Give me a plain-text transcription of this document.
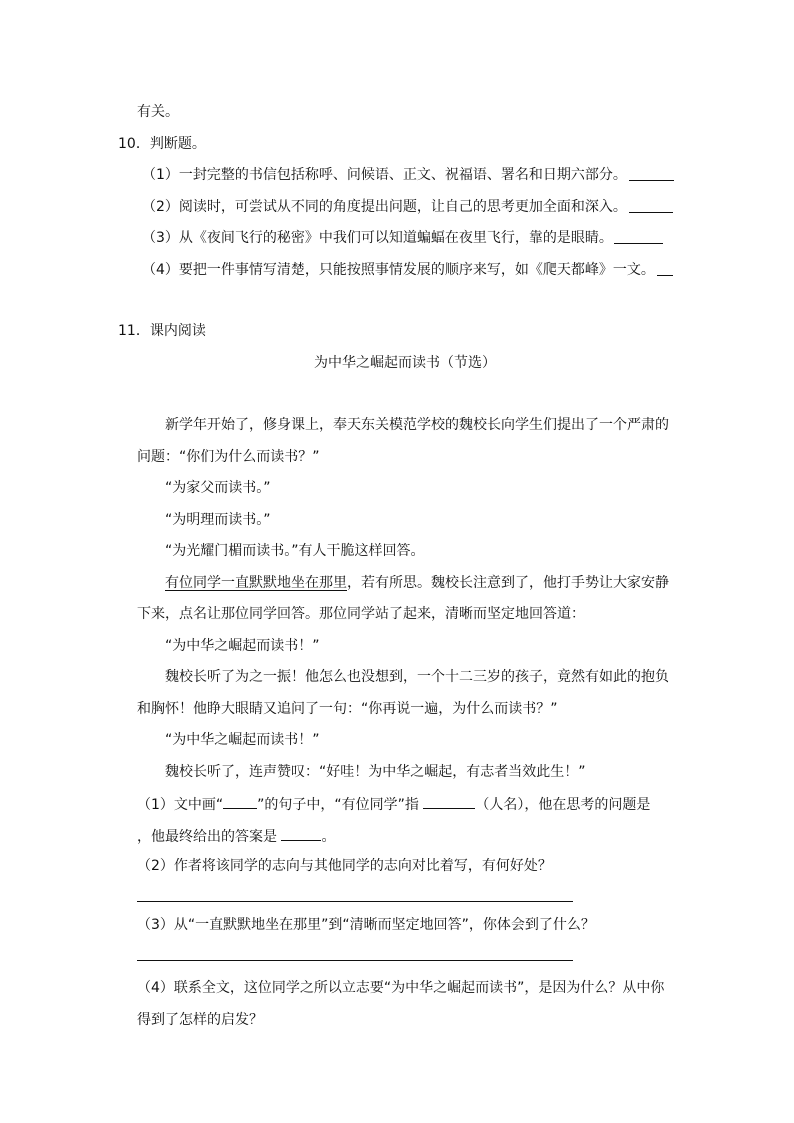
有关。
10．判断题。
（1）一封完整的书信包括称呼、问候语、正文、祝福语、署名和日期六部分。
（2）阅读时，可尝试从不同的角度提出问题，让自己的思考更加全面和深入。
（3）从《夜间飞行的秘密》中我们可以知道蝙蝠在夜里飞行，靠的是眼睛。
（4）要把一件事情写清楚，只能按照事情发展的顺序来写，如《爬天都峰》一文。
11．课内阅读
为中华之崛起而读书（节选）
新学年开始了，修身课上，奉天东关模范学校的魏校长向学生们提出了一个严肃的
问题：“你们为什么而读书？”
“为家父而读书。”
“为明理而读书。”
“为光耀门楣而读书。”有人干脆这样回答。
有位同学一直默默地坐在那里，若有所思。魏校长注意到了，他打手势让大家安静
下来，点名让那位同学回答。那位同学站了起来，清晰而坚定地回答道：
“为中华之崛起而读书！”
魏校长听了为之一振！他怎么也没想到，一个十二三岁的孩子，竟然有如此的抱负
和胸怀！他睁大眼睛又追问了一句：“你再说一遍，为什么而读书？”
“为中华之崛起而读书！”
魏校长听了，连声赞叹：“好哇！为中华之崛起，有志者当效此生！”
（1）文中画“ ”的句子中，“有位同学”指	（人名），他在思考的问题是
，他最终给出的答案是	。
（2）作者将该同学的志向与其他同学的志向对比着写，有何好处？
（3）从“一直默默地坐在那里”到“清晰而坚定地回答”，你体会到了什么？
（4）联系全文，这位同学之所以立志要“为中华之崛起而读书”，是因为什么？从中你
得到了怎样的启发？
